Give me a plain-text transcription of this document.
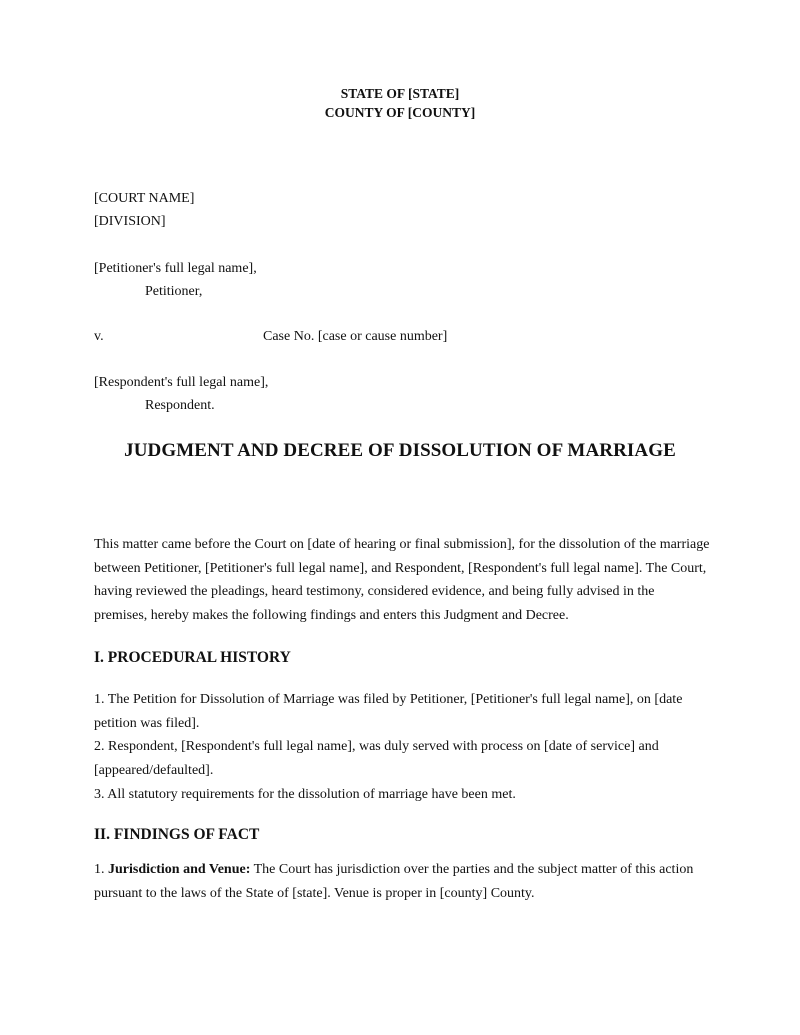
STATE OF [STATE]
COUNTY OF [COUNTY]
[COURT NAME]
[DIVISION]
[Petitioner's full legal name],
Petitioner,
v.	Case No. [case or cause number]
[Respondent's full legal name],
Respondent.
JUDGMENT AND DECREE OF DISSOLUTION OF MARRIAGE
This matter came before the Court on [date of hearing or final submission], for the dissolution of the marriage between Petitioner, [Petitioner's full legal name], and Respondent, [Respondent's full legal name]. The Court, having reviewed the pleadings, heard testimony, considered evidence, and being fully advised in the premises, hereby makes the following findings and enters this Judgment and Decree.
I. PROCEDURAL HISTORY
1. The Petition for Dissolution of Marriage was filed by Petitioner, [Petitioner's full legal name], on [date petition was filed].
2. Respondent, [Respondent's full legal name], was duly served with process on [date of service] and [appeared/defaulted].
3. All statutory requirements for the dissolution of marriage have been met.
II. FINDINGS OF FACT
1. Jurisdiction and Venue: The Court has jurisdiction over the parties and the subject matter of this action pursuant to the laws of the State of [state]. Venue is proper in [county] County.
